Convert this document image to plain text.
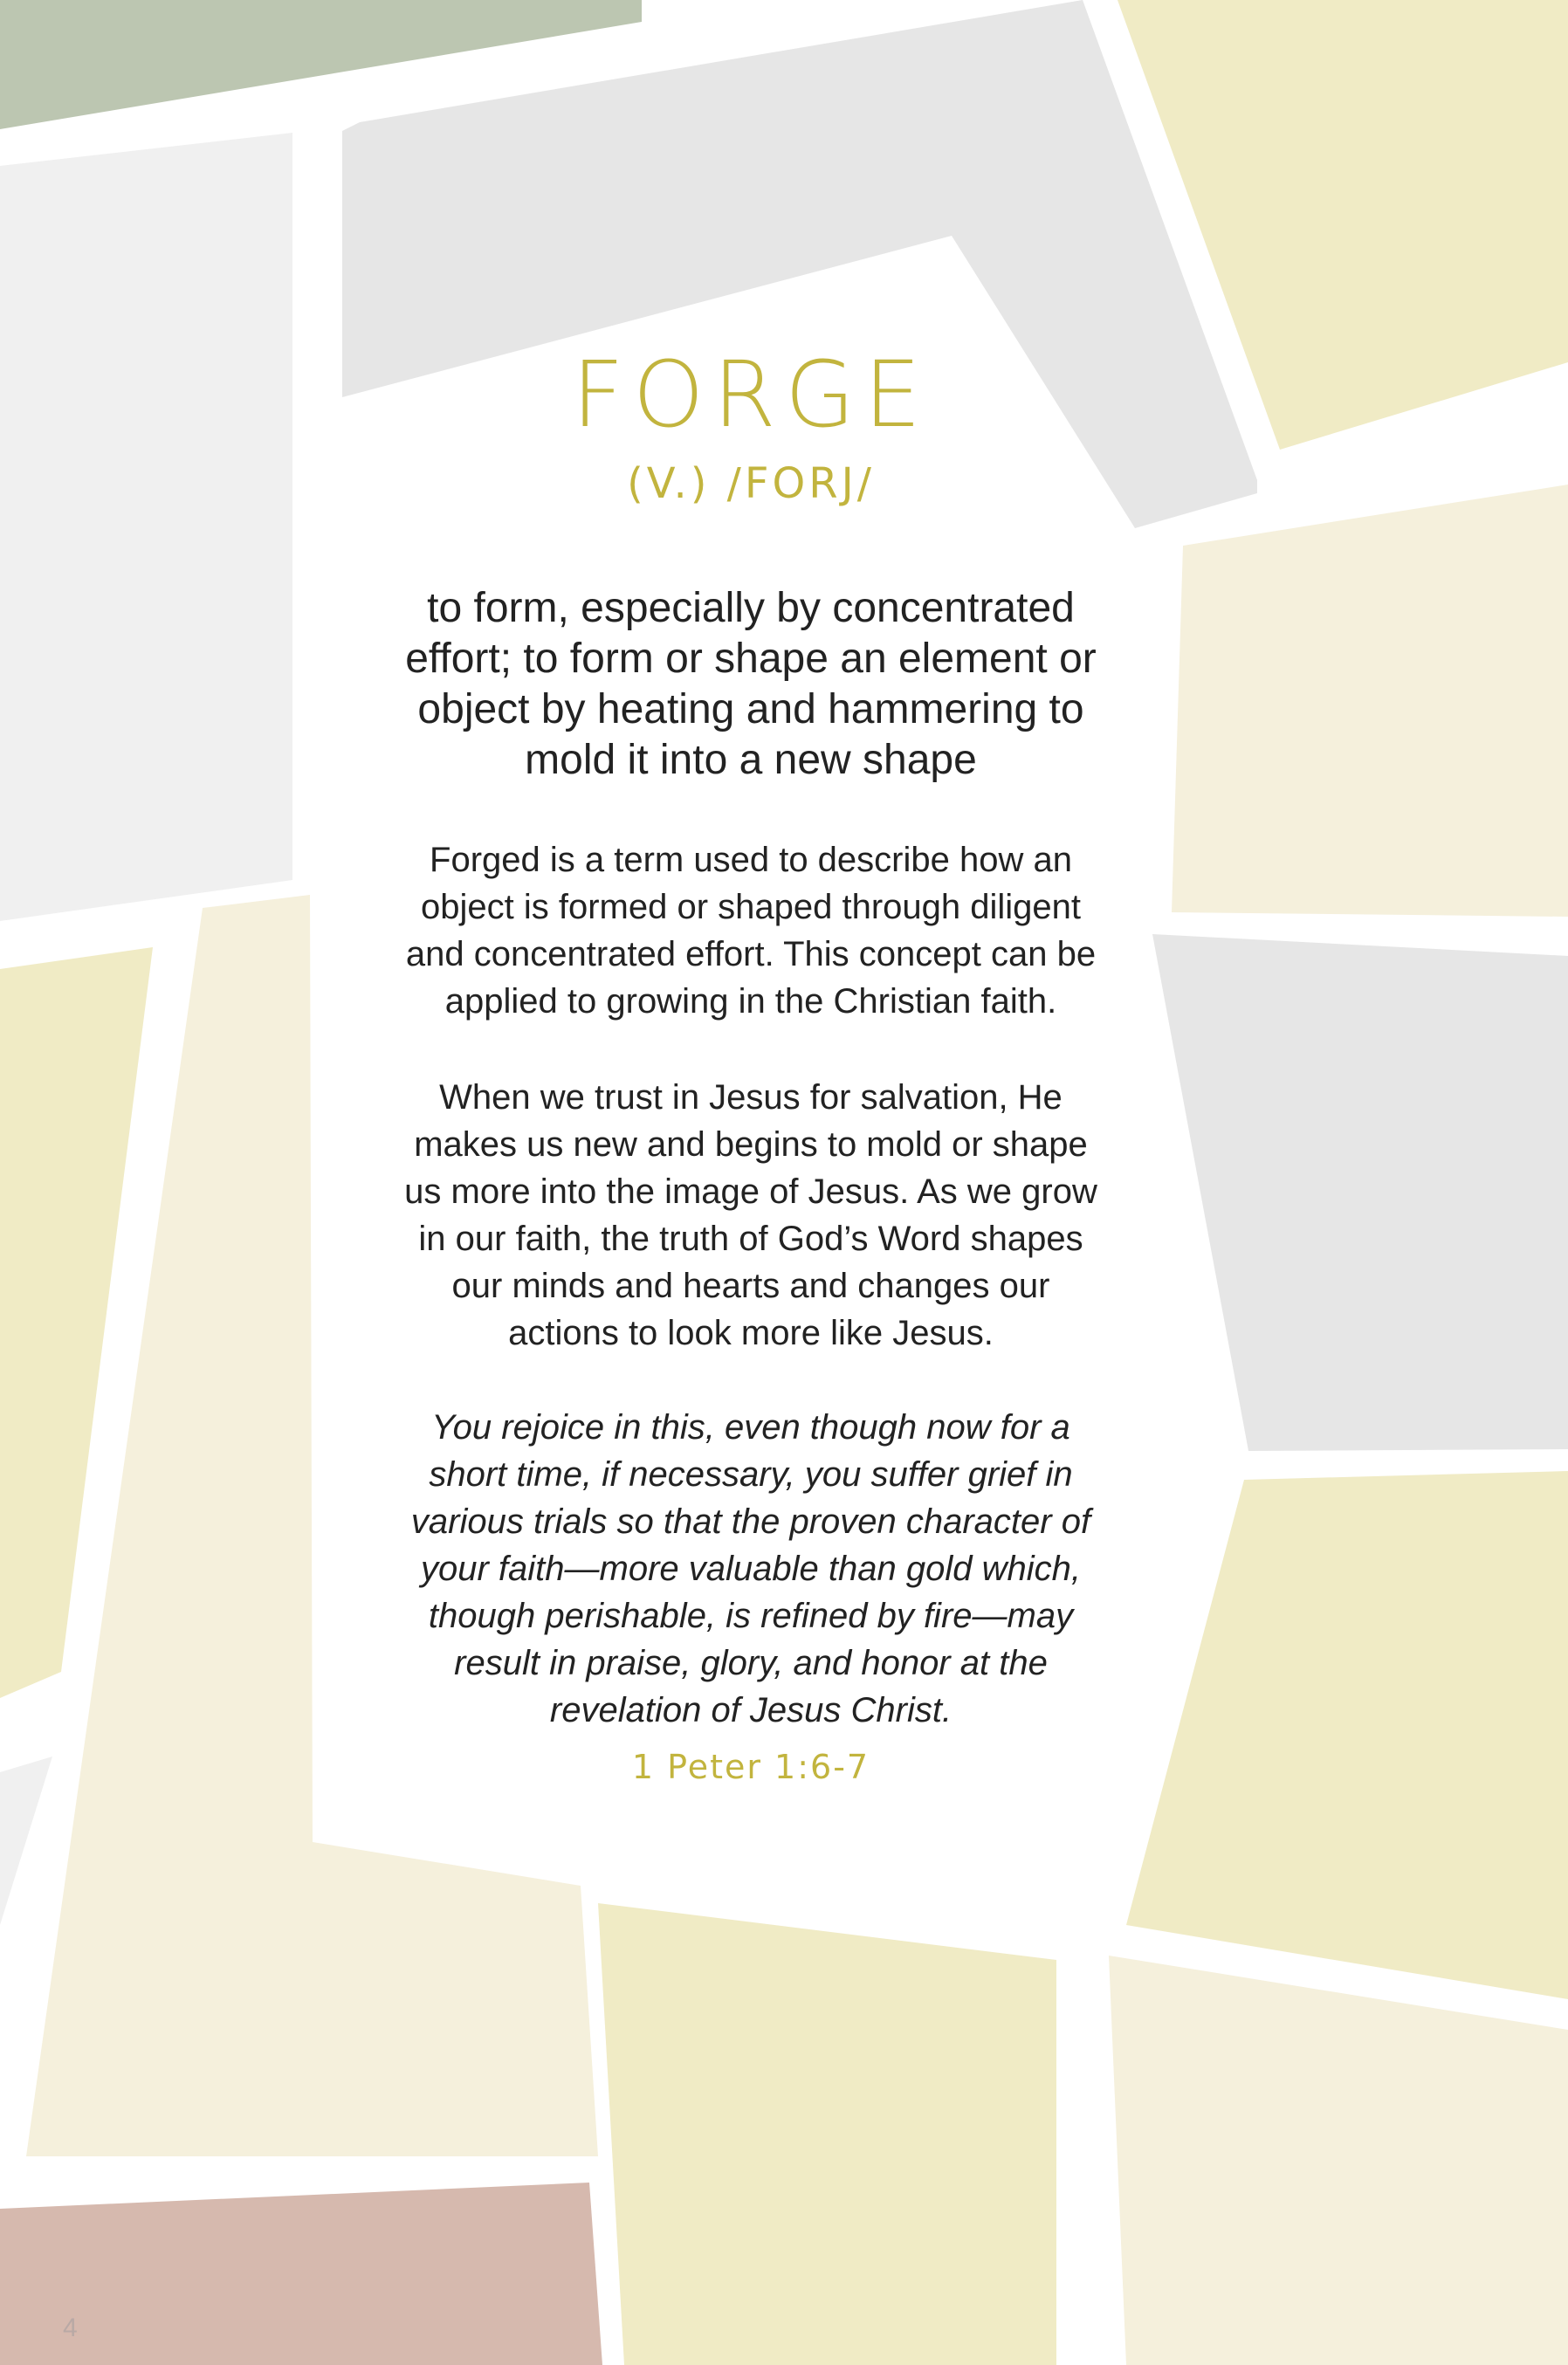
FORGE
(V.) /FORJ/

to form, especially by concentrated effort; to form or shape an element or object by heating and hammering to mold it into a new shape

Forged is a term used to describe how an object is formed or shaped through diligent and concentrated effort. This concept can be applied to growing in the Christian faith.

When we trust in Jesus for salvation, He makes us new and begins to mold or shape us more into the image of Jesus. As we grow in our faith, the truth of God’s Word shapes our minds and hearts and changes our actions to look more like Jesus.

You rejoice in this, even though now for a short time, if necessary, you suffer grief in various trials so that the proven character of your faith—more valuable than gold which, though perishable, is refined by fire—may result in praise, glory, and honor at the revelation of Jesus Christ.

1 Peter 1:6-7
4
